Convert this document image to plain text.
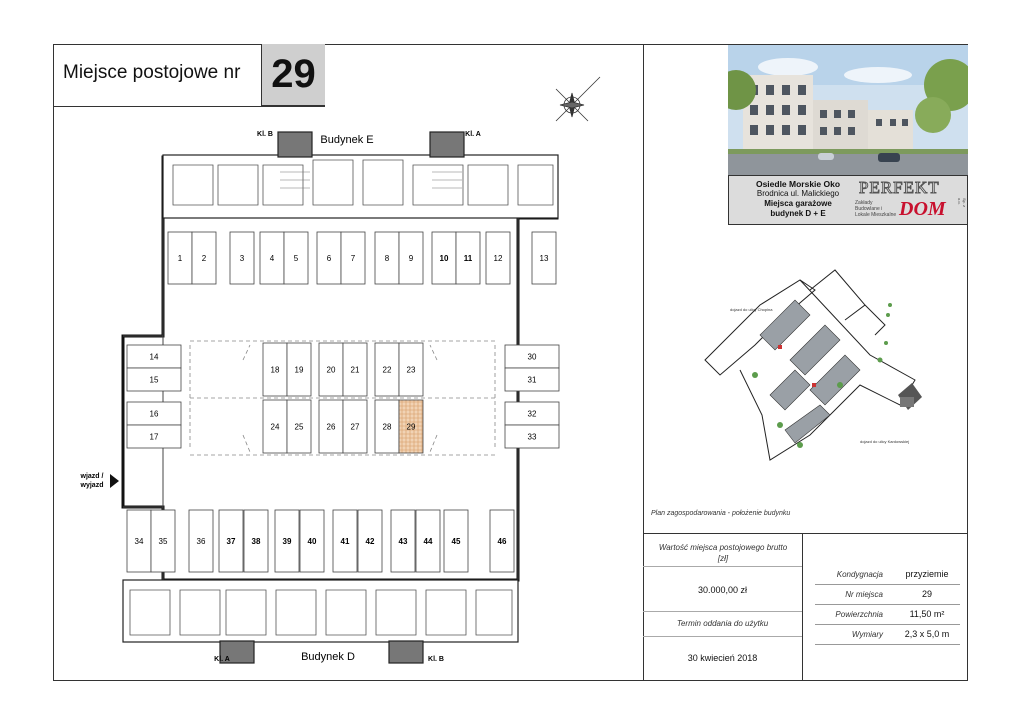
Miejsce postojowe nr 29
Budynek E
Kl. B	Kl. A
Budynek D
Kl. A	Kl. B
wjazd /
wyjazd
1 2	3	4 5	6 7	8 9	10 11	12	13
14
15
16
17
30
31
32
33
18 19	20 21	22 23
24 25	26 27	28 29
34 35	36	37 38	39 40	41 42	43 44 45	46
Osiedle Morskie Oko
Brodnica ul. Malickiego
Miejsca garażowe
budynek D + E
PERFEKT
Zakłady Budowlane i Lokale Mieszkalne DOM	Sp. z o.o.
dojazd do ulicy Chopina
dojazd do ulicy Kardowskiej
Plan zagospodarowania - położenie budynku
Wartość miejsca postojowego brutto [zł]
30.000,00 zł
Termin oddania do użytku
30 kwiecień 2018
Kondygnacja	przyziemie
Nr miejsca	29
Powierzchnia	11,50 m²
Wymiary	2,3 x 5,0 m
